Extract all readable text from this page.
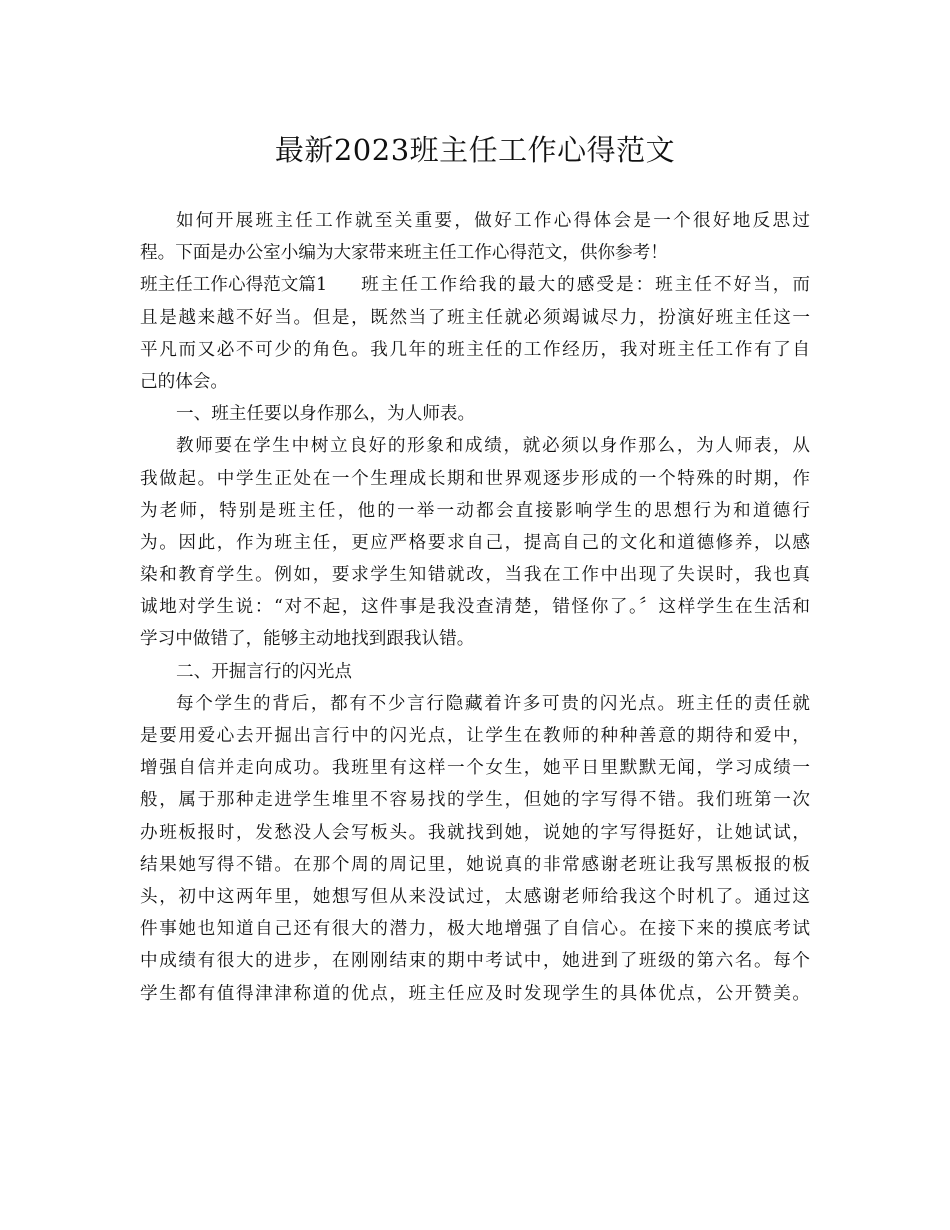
最新2023班主任工作心得范文
如何开展班主任工作就至关重要，做好工作心得体会是一个很好地反思过
程。下面是办公室小编为大家带来班主任工作心得范文，供你参考！
班主任工作心得范文篇1	班主任工作给我的最大的感受是：班主任不好当，而
且是越来越不好当。但是，既然当了班主任就必须竭诚尽力，扮演好班主任这一
平凡而又必不可少的角色。我几年的班主任的工作经历，我对班主任工作有了自
己的体会。
一、班主任要以身作那么，为人师表。
教师要在学生中树立良好的形象和成绩，就必须以身作那么，为人师表，从
我做起。中学生正处在一个生理成长期和世界观逐步形成的一个特殊的时期，作
为老师，特别是班主任，他的一举一动都会直接影响学生的思想行为和道德行
为。因此，作为班主任，更应严格要求自己，提高自己的文化和道德修养，以感
染和教育学生。例如，要求学生知错就改，当我在工作中出现了失误时，我也真
诚地对学生说：“对不起，这件事是我没查清楚，错怪你了。〞这样学生在生活和
学习中做错了，能够主动地找到跟我认错。
二、开掘言行的闪光点
每个学生的背后，都有不少言行隐藏着许多可贵的闪光点。班主任的责任就
是要用爱心去开掘出言行中的闪光点，让学生在教师的种种善意的期待和爱中，
增强自信并走向成功。我班里有这样一个女生，她平日里默默无闻，学习成绩一
般，属于那种走进学生堆里不容易找的学生，但她的字写得不错。我们班第一次
办班板报时，发愁没人会写板头。我就找到她，说她的字写得挺好，让她试试，
结果她写得不错。在那个周的周记里，她说真的非常感谢老班让我写黑板报的板
头，初中这两年里，她想写但从来没试过，太感谢老师给我这个时机了。通过这
件事她也知道自己还有很大的潜力，极大地增强了自信心。在接下来的摸底考试
中成绩有很大的进步，在刚刚结束的期中考试中，她进到了班级的第六名。每个
学生都有值得津津称道的优点，班主任应及时发现学生的具体优点，公开赞美。
